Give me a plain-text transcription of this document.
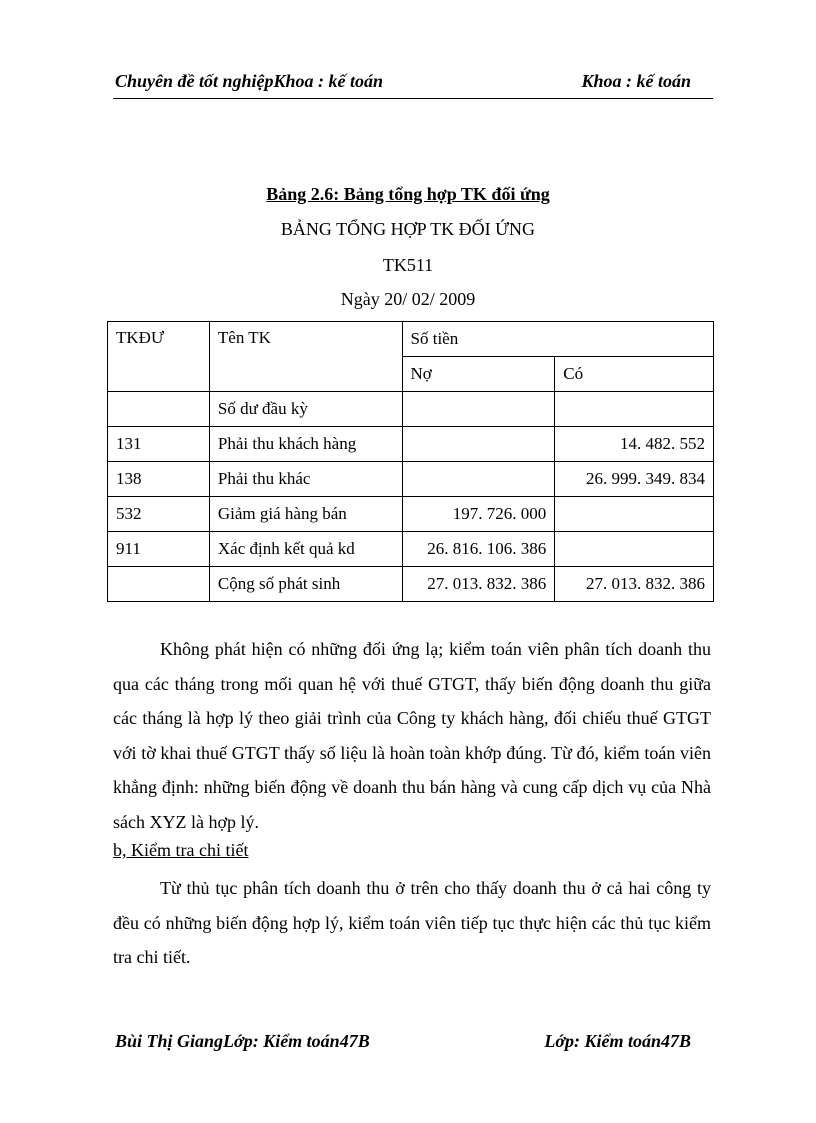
Chuyên đề tốt nghiệpKhoa : kế toán	Khoa : kế toán
Bảng 2.6: Bảng tổng hợp TK đối ứng
BẢNG TỔNG HỢP TK ĐỐI ỨNG
TK511
Ngày 20/ 02/ 2009
TKĐƯ	Tên TK	Số tiền	
		Nợ	Có
	Số dư đầu kỳ		
131	Phải thu khách hàng		14. 482. 552
138	Phải thu khác		26. 999. 349. 834
532	Giảm giá hàng bán	197. 726. 000	
911	Xác định kết quả kd	26. 816. 106. 386	
	Cộng số phát sinh	27. 013. 832. 386	27. 013. 832. 386
Không phát hiện có những đối ứng lạ; kiểm toán viên phân tích doanh thu qua các tháng trong mối quan hệ với thuế GTGT, thấy biến động doanh thu giữa các tháng là hợp lý theo giải trình của Công ty khách hàng, đối chiếu thuế GTGT với tờ khai thuế GTGT thấy số liệu là hoàn toàn khớp đúng. Từ đó, kiểm toán viên khẳng định: những biến động về doanh thu bán hàng và cung cấp dịch vụ của Nhà sách XYZ là hợp lý.
b, Kiểm tra chi tiết
Từ thủ tục phân tích doanh thu ở trên cho thấy doanh thu ở cả hai công ty đều có những biến động hợp lý, kiểm toán viên tiếp tục thực hiện các thủ tục kiểm tra chi tiết.
Bùi Thị GiangLớp: Kiểm toán47B	Lớp: Kiểm toán47B
